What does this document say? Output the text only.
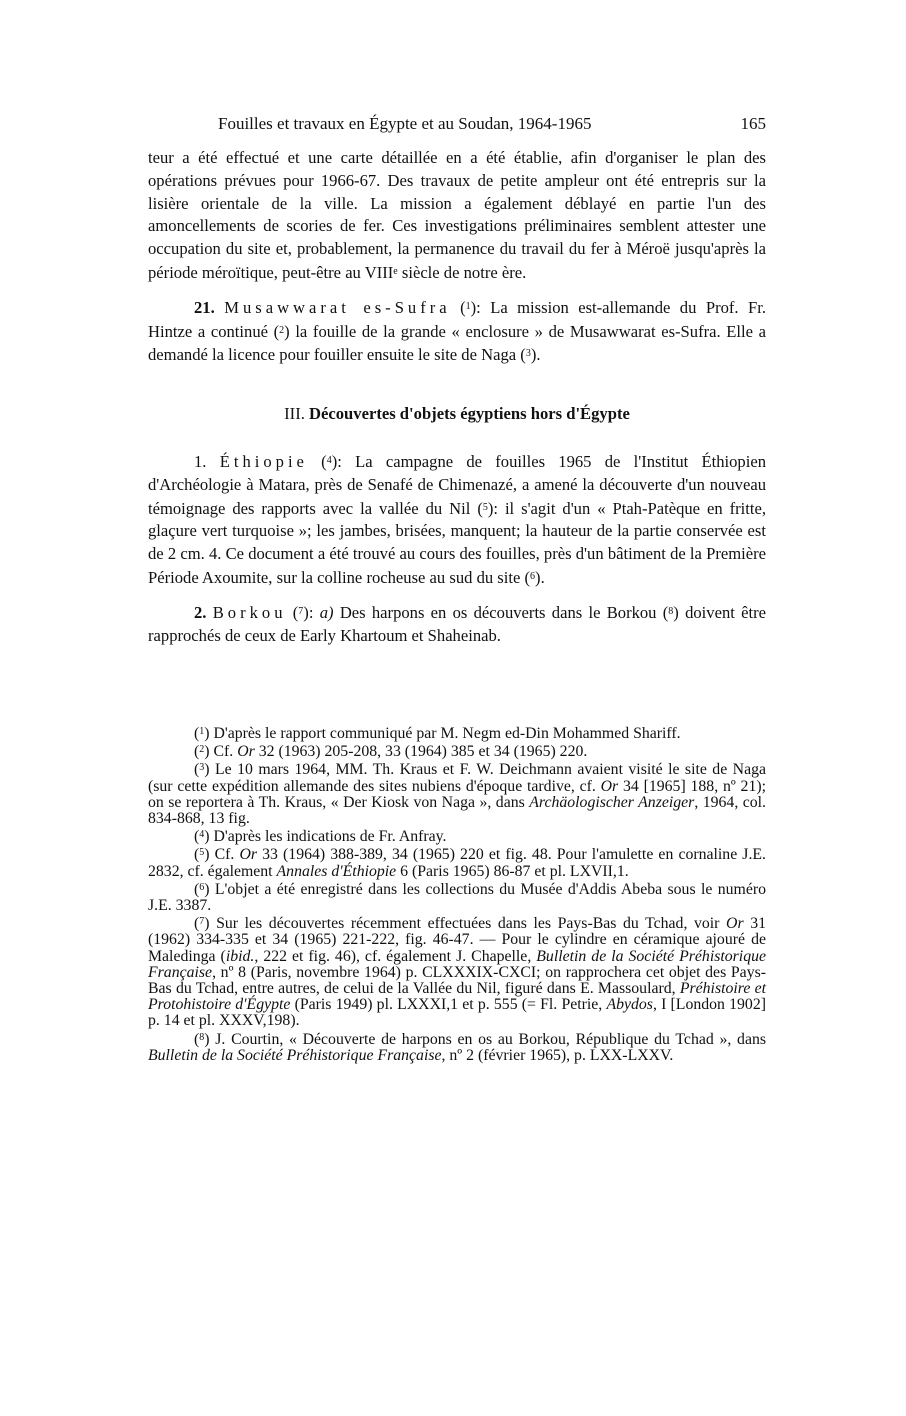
Fouilles et travaux en Égypte et au Soudan, 1964-1965	165

teur a été effectué et une carte détaillée en a été établie, afin d'organiser le plan des opérations prévues pour 1966-67. Des travaux de petite ampleur ont été entrepris sur la lisière orientale de la ville. La mission a également déblayé en partie l'un des amoncellements de scories de fer. Ces investigations préliminaires semblent attester une occupation du site et, probablement, la permanence du travail du fer à Méroë jusqu'après la période méroïtique, peut-être au VIIIe siècle de notre ère.

21. Musawwarat es-Sufra ($^1$): La mission est-allemande du Prof. Fr. Hintze a continué ($^2$) la fouille de la grande « enclosure » de Musawwarat es-Sufra. Elle a demandé la licence pour fouiller ensuite le site de Naga ($^3$).

III. Découvertes d'objets égyptiens hors d'Égypte

1. Éthiopie ($^4$): La campagne de fouilles 1965 de l'Institut Éthiopien d'Archéologie à Matara, près de Senafé de Chimenazé, a amené la découverte d'un nouveau témoignage des rapports avec la vallée du Nil ($^5$): il s'agit d'un « Ptah-Patèque en fritte, glaçure vert turquoise »; les jambes, brisées, manquent; la hauteur de la partie conservée est de 2 cm. 4. Ce document a été trouvé au cours des fouilles, près d'un bâtiment de la Première Période Axoumite, sur la colline rocheuse au sud du site ($^6$).

2. Borkou ($^7$): a) Des harpons en os découverts dans le Borkou ($^8$) doivent être rapprochés de ceux de Early Khartoum et Shaheinab.

($^1$) D'après le rapport communiqué par M. Negm ed-Din Mohammed Shariff.

($^2$) Cf. Or 32 (1963) 205-208, 33 (1964) 385 et 34 (1965) 220.

($^3$) Le 10 mars 1964, MM. Th. Kraus et F. W. Deichmann avaient visité le site de Naga (sur cette expédition allemande des sites nubiens d'époque tardive, cf. Or 34 [1965] 188, nº 21); on se reportera à Th. Kraus, « Der Kiosk von Naga », dans Archäologischer Anzeiger, 1964, col. 834-868, 13 fig.

($^4$) D'après les indications de Fr. Anfray.

($^5$) Cf. Or 33 (1964) 388-389, 34 (1965) 220 et fig. 48. Pour l'amulette en cornaline J.E. 2832, cf. également Annales d'Éthiopie 6 (Paris 1965) 86-87 et pl. LXVII,1.

($^6$) L'objet a été enregistré dans les collections du Musée d'Addis Abeba sous le numéro J.E. 3387.

($^7$) Sur les découvertes récemment effectuées dans les Pays-Bas du Tchad, voir Or 31 (1962) 334-335 et 34 (1965) 221-222, fig. 46-47. — Pour le cylindre en céramique ajouré de Maledinga (ibid., 222 et fig. 46), cf. également J. Chapelle, Bulletin de la Société Préhistorique Française, nº 8 (Paris, novembre 1964) p. CLXXXIX-CXCI; on rapprochera cet objet des Pays-Bas du Tchad, entre autres, de celui de la Vallée du Nil, figuré dans E. Massoulard, Préhistoire et Protohistoire d'Égypte (Paris 1949) pl. LXXXI,1 et p. 555 (= Fl. Petrie, Abydos, I [London 1902] p. 14 et pl. XXXV,198).

($^8$) J. Courtin, « Découverte de harpons en os au Borkou, République du Tchad », dans Bulletin de la Société Préhistorique Française, nº 2 (février 1965), p. LXX-LXXV.
